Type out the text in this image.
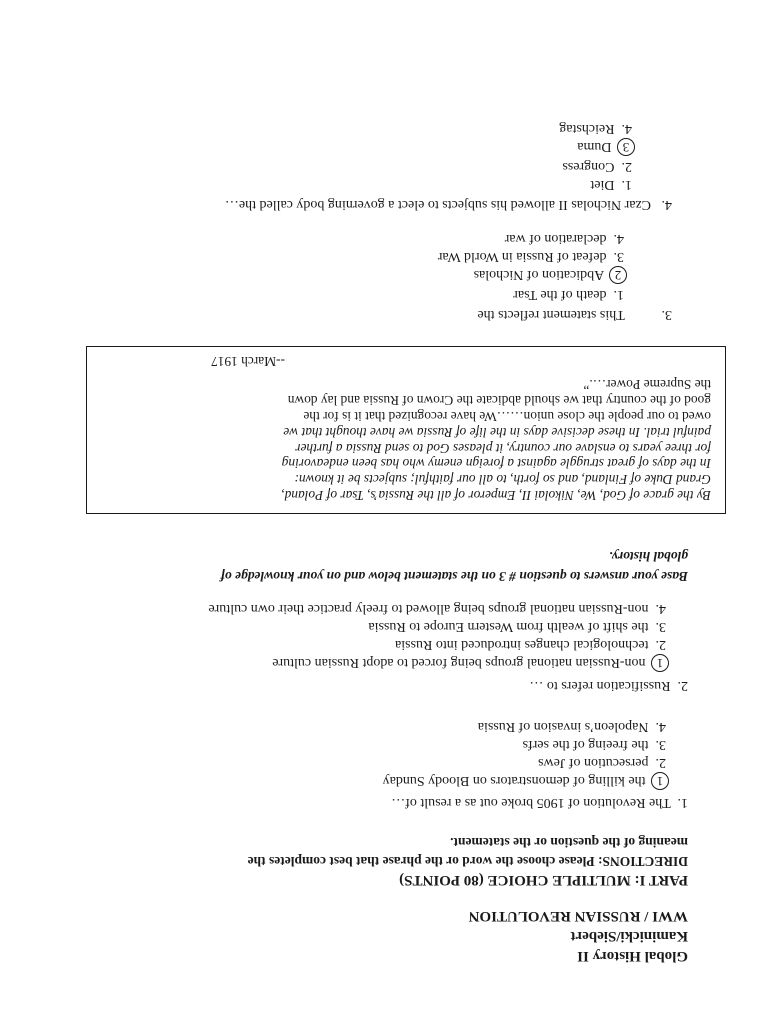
Global History II
Kaminicki/Siebert
WWI / RUSSIAN REVOLUTION
PART I: MULTIPLE CHOICE (80 POINTS)
DIRECTIONS: Please choose the word or the phrase that best completes the
meaning of the question or the statement.
1.  The Revolution of 1905 broke out as a result of…
1 the killing of demonstrators on Bloody Sunday
2.  persecution of Jews
3.  the freeing of the serfs
4.  Napoleon’s invasion of Russia
2.  Russification refers to …
1 non-Russian national groups being forced to adopt Russian culture
2.  technological changes introduced into Russia
3.  the shift of wealth from Western Europe to Russia
4.  non-Russian national groups being allowed to freely practice their own culture
Base your answers to question # 3 on the statement below and on your knowledge of
global history.
By the grace of God, We, Nikolai II, Emperor of all the Russia’s, Tsar of Poland,
Grand Duke of Finland, and so forth, to all our faithful; subjects be it known:
In the days of great struggle against a foreign enemy who has been endeavoring
for three years to enslave our country, it pleases God to send Russia a further
painful trial. In these decisive days in the life of Russia we have thought that we
owed to our people the close union……We have recognized that it is for the
good of the country that we should abdicate the Crown of Russia and lay down
the Supreme Power….”
--March 1917
3.  This statement reflects the
1.  death of the Tsar
2 Abdication of Nicholas
3.  defeat of Russia in World War
4.  declaration of war
4.   Czar Nicholas II allowed his subjects to elect a governing body called the…
1.  Diet
2.  Congress
3 Duma
4.  Reichstag
